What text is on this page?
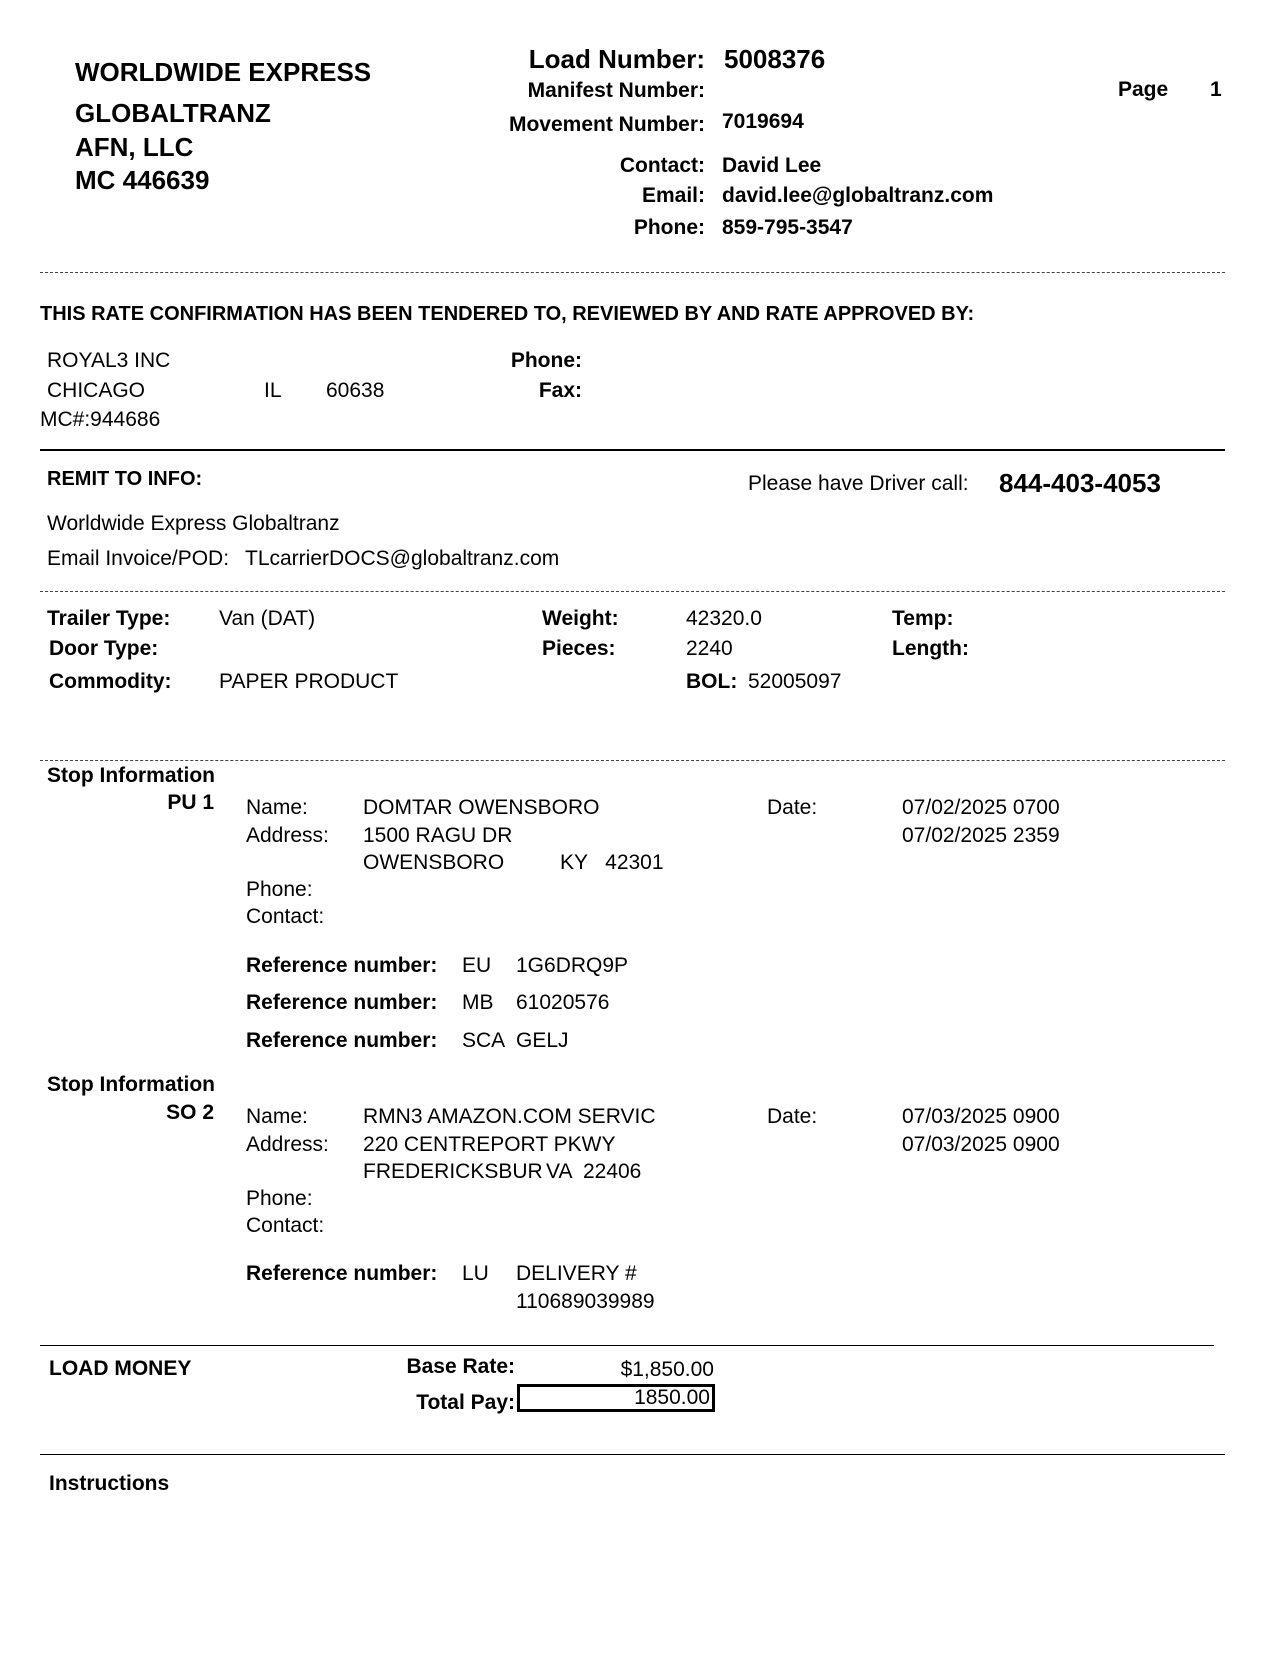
WORLDWIDE EXPRESS
GLOBALTRANZ
AFN, LLC
MC 446639
Load Number: 5008376
Manifest Number:
Movement Number: 7019694
Contact: David Lee
Email: david.lee@globaltranz.com
Phone: 859-795-3547
Page 1
THIS RATE CONFIRMATION HAS BEEN TENDERED TO, REVIEWED BY AND RATE APPROVED BY:
ROYAL3 INC
CHICAGO	IL 60638
MC#:944686
Phone:
Fax:
REMIT TO INFO:	Please have Driver call: 844-403-4053
Worldwide Express Globaltranz
Email Invoice/POD: TLcarrierDOCS@globaltranz.com
Trailer Type: Van (DAT)
Door Type:
Commodity: PAPER PRODUCT
Weight:	42320.0
Pieces:	2240
BOL: 52005097
Temp:
Length:
Stop Information
PU 1 Name:	DOMTAR OWENSBORO
Address: 1500 RAGU DR
OWENSBORO	KY   42301
Phone:
Contact:
Date:	07/02/2025 0700
07/02/2025 2359
Reference number: EU 1G6DRQ9P
Reference number: MB 61020576
Reference number: SCA GELJ
Stop Information
SO 2 Name:	RMN3 AMAZON.COM SERVIC
Address: 220 CENTREPORT PKWY
FREDERICKSBUR VA  22406
Phone:
Contact:
Date:	07/03/2025 0900
07/03/2025 0900
Reference number: LU DELIVERY #
110689039989
LOAD MONEY	Base Rate:	$1,850.00
Total Pay:	1850.00
Instructions
